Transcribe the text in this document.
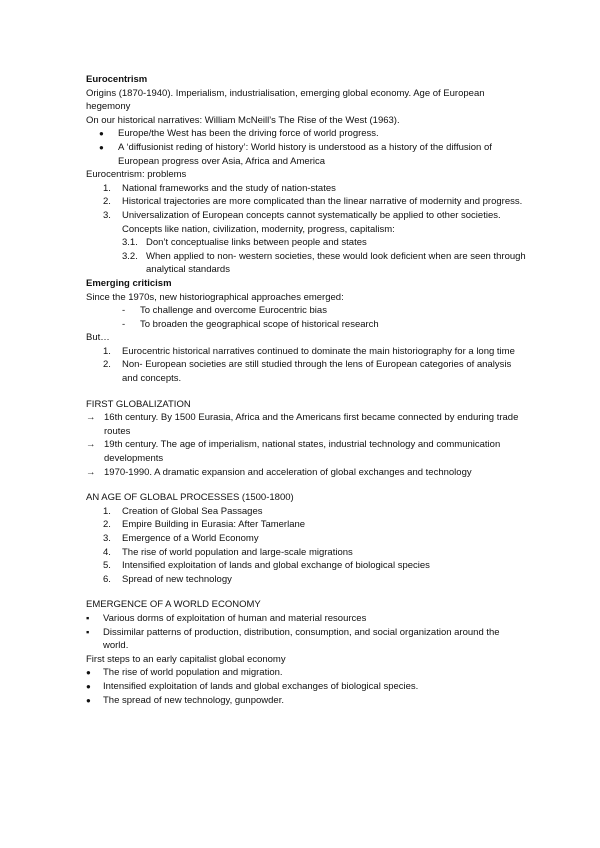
Eurocentrism
Origins (1870-1940). Imperialism, industrialisation, emerging global economy. Age of European hegemony
On our historical narratives: William McNeill’s The Rise of the West (1963).
●	Europe/the West has been the driving force of world progress.
●	A ‘diffusionist reding of history’: World history is understood as a history of the diffusion of European progress over Asia, Africa and America
Eurocentrism: problems
1.	National frameworks and the study of nation-states
2.	Historical trajectories are more complicated than the linear narrative of modernity and progress.
3.	Universalization of European concepts cannot systematically be applied to other societies. Concepts like nation, civilization, modernity, progress, capitalism:
3.1. Don’t conceptualise links between people and states
3.2. When applied to non- western societies, these would look deficient when are seen through analytical standards
Emerging criticism
Since the 1970s, new historiographical approaches emerged:
-	To challenge and overcome Eurocentric bias
-	To broaden the geographical scope of historical research
But…
1.	Eurocentric historical narratives continued to dominate the main historiography for a long time
2.	Non- European societies are still studied through the lens of European categories of analysis and concepts.
FIRST GLOBALIZATION
→ 16th century. By 1500 Eurasia, Africa and the Americans first became connected by enduring trade routes
→ 19th century. The age of imperialism, national states, industrial technology and communication developments
→ 1970-1990. A dramatic expansion and acceleration of global exchanges and technology
AN AGE OF GLOBAL PROCESSES (1500-1800)
1.	Creation of Global Sea Passages
2.	Empire Building in Eurasia: After Tamerlane
3.	Emergence of a World Economy
4.	The rise of world population and large-scale migrations
5.	Intensified exploitation of lands and global exchange of biological species
6.	Spread of new technology
EMERGENCE OF A WORLD ECONOMY
▪	Various dorms of exploitation of human and material resources
▪	Dissimilar patterns of production, distribution, consumption, and social organization around the world.
First steps to an early capitalist global economy
●	The rise of world population and migration.
●	Intensified exploitation of lands and global exchanges of biological species.
●	The spread of new technology, gunpowder.
